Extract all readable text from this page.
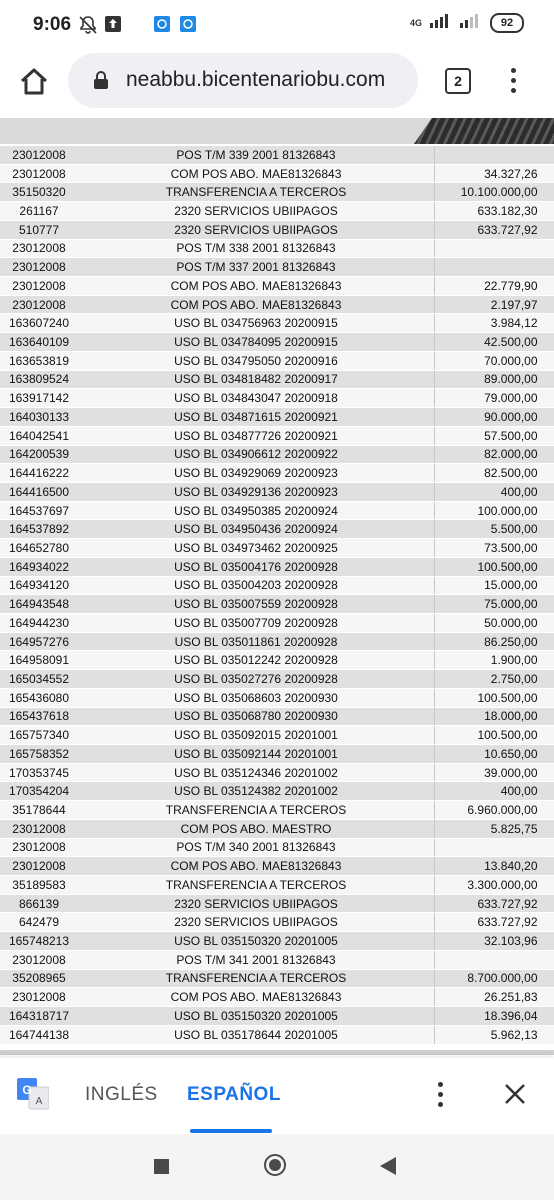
9:06	4G	92
neabbu.bicentenariobu.com	2
23012008	POS T/M 339 2001 81326843	
23012008	COM POS ABO. MAE81326843	34.327,26
35150320	TRANSFERENCIA A TERCEROS	10.100.000,00
261167	2320 SERVICIOS UBIIPAGOS	633.182,30
510777	2320 SERVICIOS UBIIPAGOS	633.727,92
23012008	POS T/M 338 2001 81326843	
23012008	POS T/M 337 2001 81326843	
23012008	COM POS ABO. MAE81326843	22.779,90
23012008	COM POS ABO. MAE81326843	2.197,97
163607240	USO BL 034756963 20200915	3.984,12
163640109	USO BL 034784095 20200915	42.500,00
163653819	USO BL 034795050 20200916	70.000,00
163809524	USO BL 034818482 20200917	89.000,00
163917142	USO BL 034843047 20200918	79.000,00
164030133	USO BL 034871615 20200921	90.000,00
164042541	USO BL 034877726 20200921	57.500,00
164200539	USO BL 034906612 20200922	82.000,00
164416222	USO BL 034929069 20200923	82.500,00
164416500	USO BL 034929136 20200923	400,00
164537697	USO BL 034950385 20200924	100.000,00
164537892	USO BL 034950436 20200924	5.500,00
164652780	USO BL 034973462 20200925	73.500,00
164934022	USO BL 035004176 20200928	100.500,00
164934120	USO BL 035004203 20200928	15.000,00
164943548	USO BL 035007559 20200928	75.000,00
164944230	USO BL 035007709 20200928	50.000,00
164957276	USO BL 035011861 20200928	86.250,00
164958091	USO BL 035012242 20200928	1.900,00
165034552	USO BL 035027276 20200928	2.750,00
165436080	USO BL 035068603 20200930	100.500,00
165437618	USO BL 035068780 20200930	18.000,00
165757340	USO BL 035092015 20201001	100.500,00
165758352	USO BL 035092144 20201001	10.650,00
170353745	USO BL 035124346 20201002	39.000,00
170354204	USO BL 035124382 20201002	400,00
35178644	TRANSFERENCIA A TERCEROS	6.960.000,00
23012008	COM POS ABO. MAESTRO	5.825,75
23012008	POS T/M 340 2001 81326843	
23012008	COM POS ABO. MAE81326843	13.840,20
35189583	TRANSFERENCIA A TERCEROS	3.300.000,00
866139	2320 SERVICIOS UBIIPAGOS	633.727,92
642479	2320 SERVICIOS UBIIPAGOS	633.727,92
165748213	USO BL 035150320 20201005	32.103,96
23012008	POS T/M 341 2001 81326843	
35208965	TRANSFERENCIA A TERCEROS	8.700.000,00
23012008	COM POS ABO. MAE81326843	26.251,83
164318717	USO BL 035150320 20201005	18.396,04
164744138	USO BL 035178644 20201005	5.962,13
G
A INGLÉS ESPAÑOL
